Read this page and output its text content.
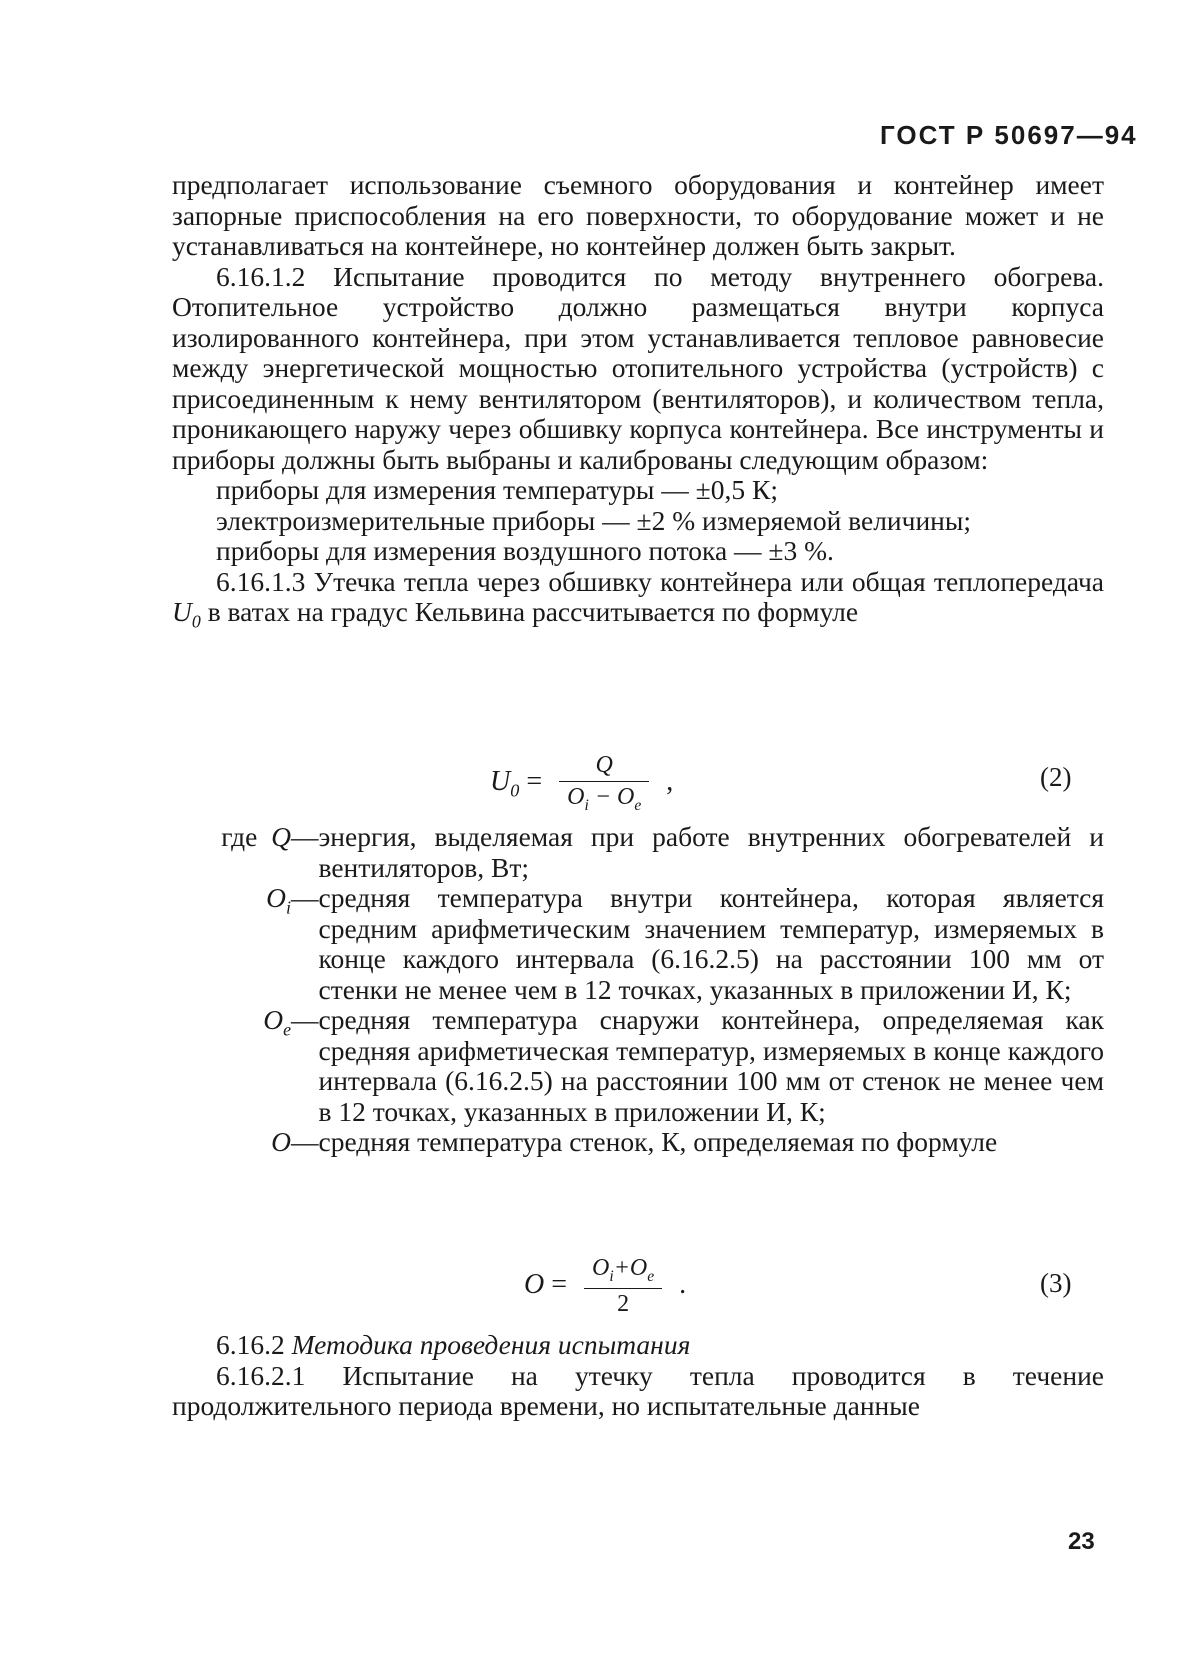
ГОСТ Р 50697—94

предполагает использование съемного оборудования и контейнер имеет запорные приспособления на его поверхности, то оборудование может и не устанавливаться на контейнере, но контейнер должен быть закрыт.

6.16.1.2 Испытание проводится по методу внутреннего обогрева. Отопительное устройство должно размещаться внутри корпуса изолированного контейнера, при этом устанавливается тепловое равновесие между энергетической мощностью отопительного устройства (устройств) с присоединенным к нему вентилятором (вентиляторов), и количеством тепла, проникающего наружу через обшивку корпуса контейнера. Все инструменты и приборы должны быть выбраны и калиброваны следующим образом:

приборы для измерения температуры — ±0,5 К;

электроизмерительные приборы — ±2 % измеряемой величины;

приборы для измерения воздушного потока — ±3 %.

6.16.1.3 Утечка тепла через обшивку контейнера или общая теплопередача $U_0$ в ватах на градус Кельвина рассчитывается по формуле

$U_0 = \frac{Q}{O_i - O_e}$ ,	(2)
где Q — энергия, выделяемая при работе внутренних обогревателей и вентиляторов, Вт;
$O_i$ — средняя температура внутри контейнера, которая является средним арифметическим значением температур, измеряемых в конце каждого интервала (6.16.2.5) на расстоянии 100 мм от стенки не менее чем в 12 точках, указанных в приложении И, К;
$O_e$ — средняя температура снаружи контейнера, определяемая как средняя арифметическая температур, измеряемых в конце каждого интервала (6.16.2.5) на расстоянии 100 мм от стенок не менее чем в 12 точках, указанных в приложении И, К;
O — средняя температура стенок, К, определяемая по формуле
$O = \frac{O_i+O_e}{2}$ .	(3)

6.16.2 Методика проведения испытания

6.16.2.1 Испытание на утечку тепла проводится в течение продолжительного периода времени, но испытательные данные

23
